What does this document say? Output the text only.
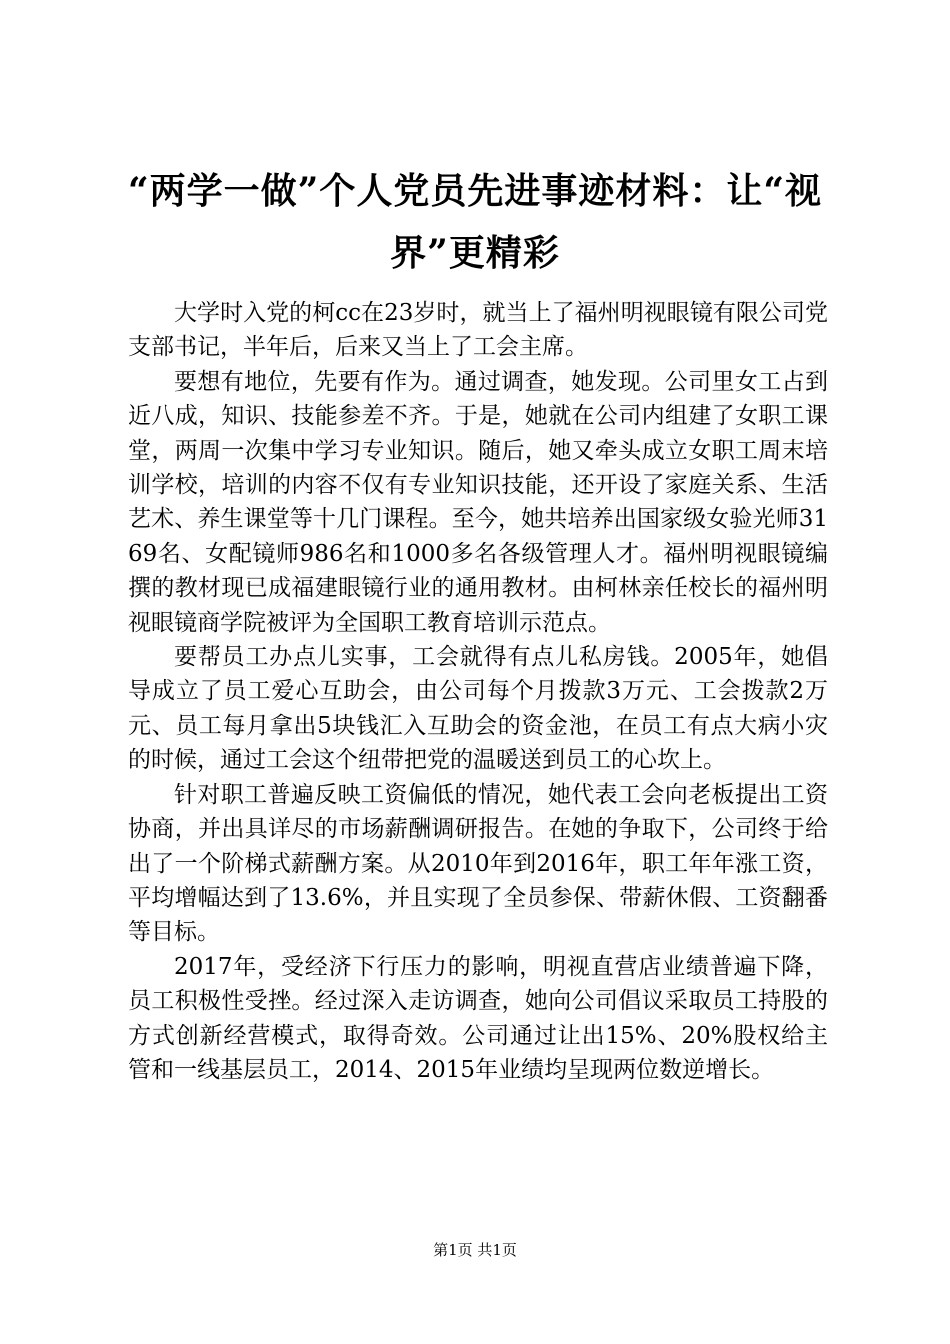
“两学一做”个人党员先进事迹材料：让“视界”更精彩

大学时入党的柯cc在23岁时，就当上了福州明视眼镜有限公司党支部书记，半年后，后来又当上了工会主席。

要想有地位，先要有作为。通过调查，她发现。公司里女工占到近八成，知识、技能参差不齐。于是，她就在公司内组建了女职工课堂，两周一次集中学习专业知识。随后，她又牵头成立女职工周末培训学校，培训的内容不仅有专业知识技能，还开设了家庭关系、生活艺术、养生课堂等十几门课程。至今，她共培养出国家级女验光师3169名、女配镜师986名和1000多名各级管理人才。福州明视眼镜编撰的教材现已成福建眼镜行业的通用教材。由柯林亲任校长的福州明视眼镜商学院被评为全国职工教育培训示范点。

要帮员工办点儿实事，工会就得有点儿私房钱。2005年，她倡导成立了员工爱心互助会，由公司每个月拨款3万元、工会拨款2万元、员工每月拿出5块钱汇入互助会的资金池，在员工有点大病小灾的时候，通过工会这个纽带把党的温暖送到员工的心坎上。

针对职工普遍反映工资偏低的情况，她代表工会向老板提出工资协商，并出具详尽的市场薪酬调研报告。在她的争取下，公司终于给出了一个阶梯式薪酬方案。从2010年到2016年，职工年年涨工资，平均增幅达到了13.6%，并且实现了全员参保、带薪休假、工资翻番等目标。

2017年，受经济下行压力的影响，明视直营店业绩普遍下降，员工积极性受挫。经过深入走访调查，她向公司倡议采取员工持股的方式创新经营模式，取得奇效。公司通过让出15%、20%股权给主管和一线基层员工，2014、2015年业绩均呈现两位数逆增长。

第1页 共1页
